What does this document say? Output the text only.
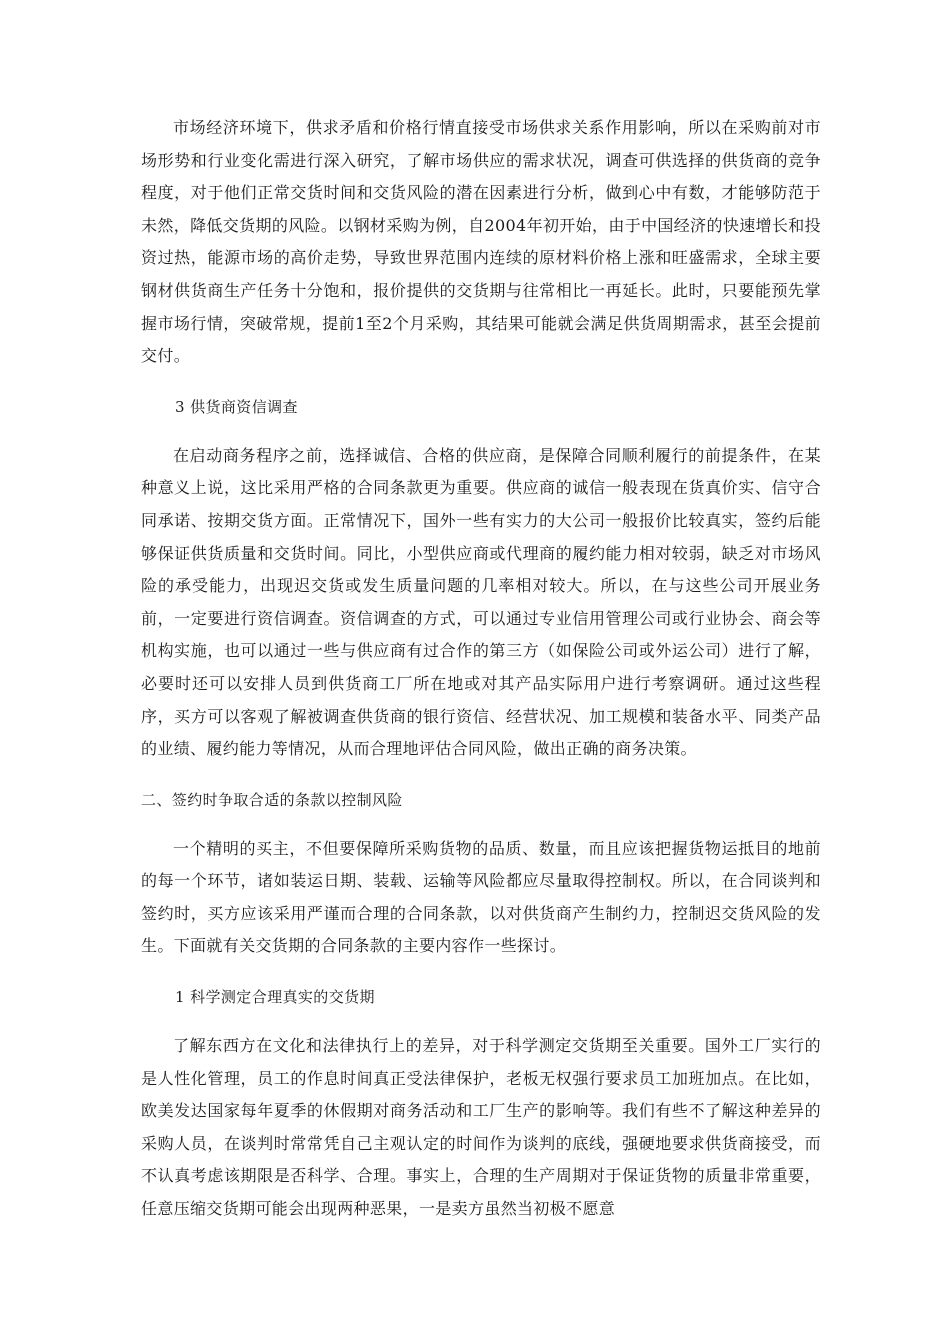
市场经济环境下，供求矛盾和价格行情直接受市场供求关系作用影响，所以在采购前对市场形势和行业变化需进行深入研究，了解市场供应的需求状况，调查可供选择的供货商的竞争程度，对于他们正常交货时间和交货风险的潜在因素进行分析，做到心中有数，才能够防范于未然，降低交货期的风险。以钢材采购为例，自2004年初开始，由于中国经济的快速增长和投资过热，能源市场的高价走势，导致世界范围内连续的原材料价格上涨和旺盛需求，全球主要钢材供货商生产任务十分饱和，报价提供的交货期与往常相比一再延长。此时，只要能预先掌握市场行情，突破常规，提前1至2个月采购，其结果可能就会满足供货周期需求，甚至会提前交付。

3 供货商资信调查

在启动商务程序之前，选择诚信、合格的供应商，是保障合同顺利履行的前提条件，在某种意义上说，这比采用严格的合同条款更为重要。供应商的诚信一般表现在货真价实、信守合同承诺、按期交货方面。正常情况下，国外一些有实力的大公司一般报价比较真实，签约后能够保证供货质量和交货时间。同比，小型供应商或代理商的履约能力相对较弱，缺乏对市场风险的承受能力，出现迟交货或发生质量问题的几率相对较大。所以，在与这些公司开展业务前，一定要进行资信调查。资信调查的方式，可以通过专业信用管理公司或行业协会、商会等机构实施，也可以通过一些与供应商有过合作的第三方（如保险公司或外运公司）进行了解，必要时还可以安排人员到供货商工厂所在地或对其产品实际用户进行考察调研。通过这些程序，买方可以客观了解被调查供货商的银行资信、经营状况、加工规模和装备水平、同类产品的业绩、履约能力等情况，从而合理地评估合同风险，做出正确的商务决策。

二、签约时争取合适的条款以控制风险

一个精明的买主，不但要保障所采购货物的品质、数量，而且应该把握货物运抵目的地前的每一个环节，诸如装运日期、装载、运输等风险都应尽量取得控制权。所以，在合同谈判和签约时，买方应该采用严谨而合理的合同条款，以对供货商产生制约力，控制迟交货风险的发生。下面就有关交货期的合同条款的主要内容作一些探讨。

1 科学测定合理真实的交货期

了解东西方在文化和法律执行上的差异，对于科学测定交货期至关重要。国外工厂实行的是人性化管理，员工的作息时间真正受法律保护，老板无权强行要求员工加班加点。在比如，欧美发达国家每年夏季的休假期对商务活动和工厂生产的影响等。我们有些不了解这种差异的采购人员，在谈判时常常凭自己主观认定的时间作为谈判的底线，强硬地要求供货商接受，而不认真考虑该期限是否科学、合理。事实上，合理的生产周期对于保证货物的质量非常重要，任意压缩交货期可能会出现两种恶果，一是卖方虽然当初极不愿意
